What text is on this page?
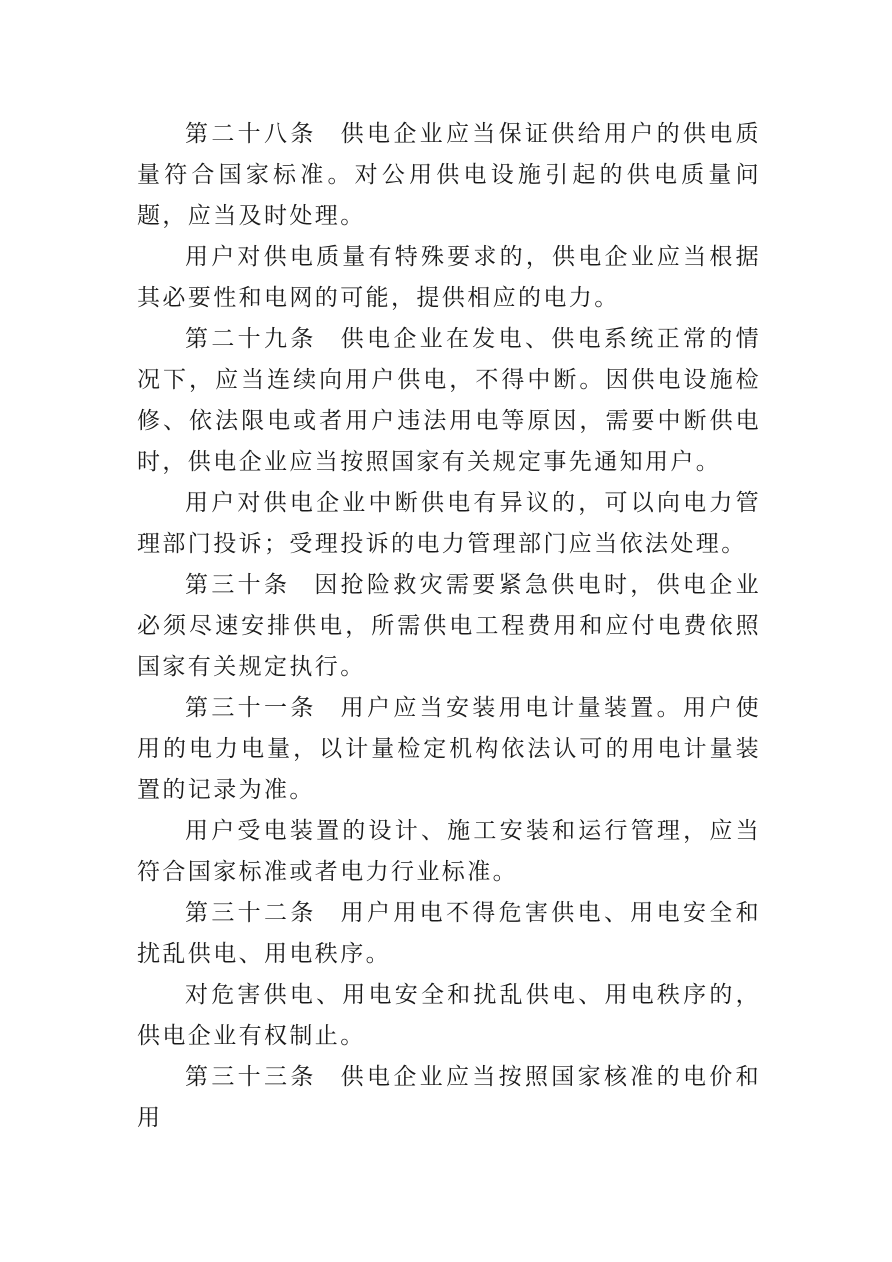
第二十八条 供电企业应当保证供给用户的供电质量符合国家标准。对公用供电设施引起的供电质量问题，应当及时处理。

用户对供电质量有特殊要求的，供电企业应当根据其必要性和电网的可能，提供相应的电力。

第二十九条 供电企业在发电、供电系统正常的情况下，应当连续向用户供电，不得中断。因供电设施检修、依法限电或者用户违法用电等原因，需要中断供电时，供电企业应当按照国家有关规定事先通知用户。

用户对供电企业中断供电有异议的，可以向电力管理部门投诉；受理投诉的电力管理部门应当依法处理。

第三十条 因抢险救灾需要紧急供电时，供电企业必须尽速安排供电，所需供电工程费用和应付电费依照国家有关规定执行。

第三十一条 用户应当安装用电计量装置。用户使用的电力电量，以计量检定机构依法认可的用电计量装置的记录为准。

用户受电装置的设计、施工安装和运行管理，应当符合国家标准或者电力行业标准。

第三十二条 用户用电不得危害供电、用电安全和扰乱供电、用电秩序。

对危害供电、用电安全和扰乱供电、用电秩序的，供电企业有权制止。

第三十三条 供电企业应当按照国家核准的电价和用
